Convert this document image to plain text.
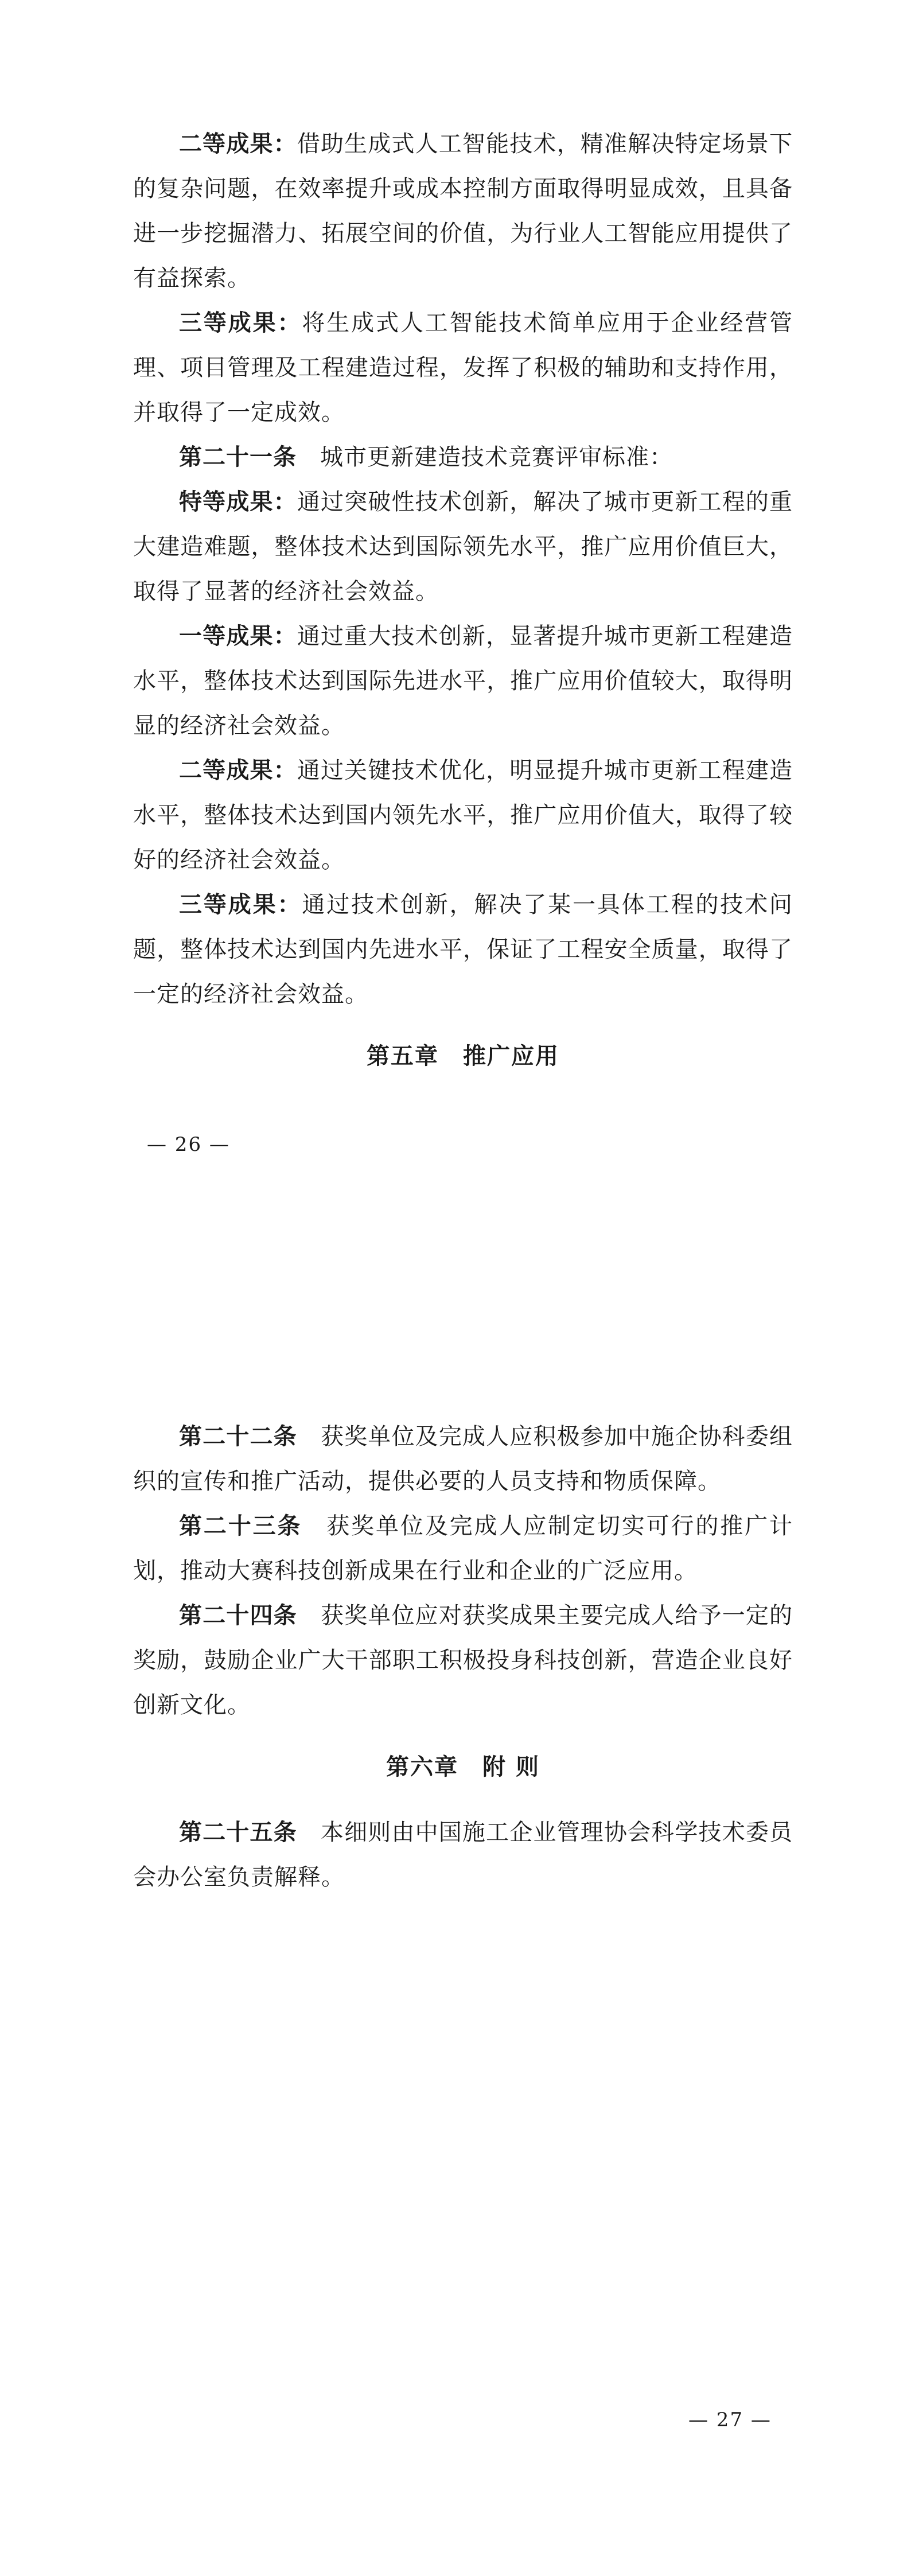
二等成果：借助生成式人工智能技术，精准解决特定场景下的复杂问题，在效率提升或成本控制方面取得明显成效，且具备进一步挖掘潜力、拓展空间的价值，为行业人工智能应用提供了有益探索。

三等成果：将生成式人工智能技术简单应用于企业经营管理、项目管理及工程建造过程，发挥了积极的辅助和支持作用，并取得了一定成效。

第二十一条　城市更新建造技术竞赛评审标准：

特等成果：通过突破性技术创新，解决了城市更新工程的重大建造难题，整体技术达到国际领先水平，推广应用价值巨大，取得了显著的经济社会效益。

一等成果：通过重大技术创新，显著提升城市更新工程建造水平，整体技术达到国际先进水平，推广应用价值较大，取得明显的经济社会效益。

二等成果：通过关键技术优化，明显提升城市更新工程建造水平，整体技术达到国内领先水平，推广应用价值大，取得了较好的经济社会效益。

三等成果：通过技术创新，解决了某一具体工程的技术问题，整体技术达到国内先进水平，保证了工程安全质量，取得了一定的经济社会效益。

第五章　推广应用
— 26 —

第二十二条　获奖单位及完成人应积极参加中施企协科委组织的宣传和推广活动，提供必要的人员支持和物质保障。

第二十三条　获奖单位及完成人应制定切实可行的推广计划，推动大赛科技创新成果在行业和企业的广泛应用。

第二十四条　获奖单位应对获奖成果主要完成人给予一定的奖励，鼓励企业广大干部职工积极投身科技创新，营造企业良好创新文化。

第六章　附 则

第二十五条　本细则由中国施工企业管理协会科学技术委员会办公室负责解释。

— 27 —
